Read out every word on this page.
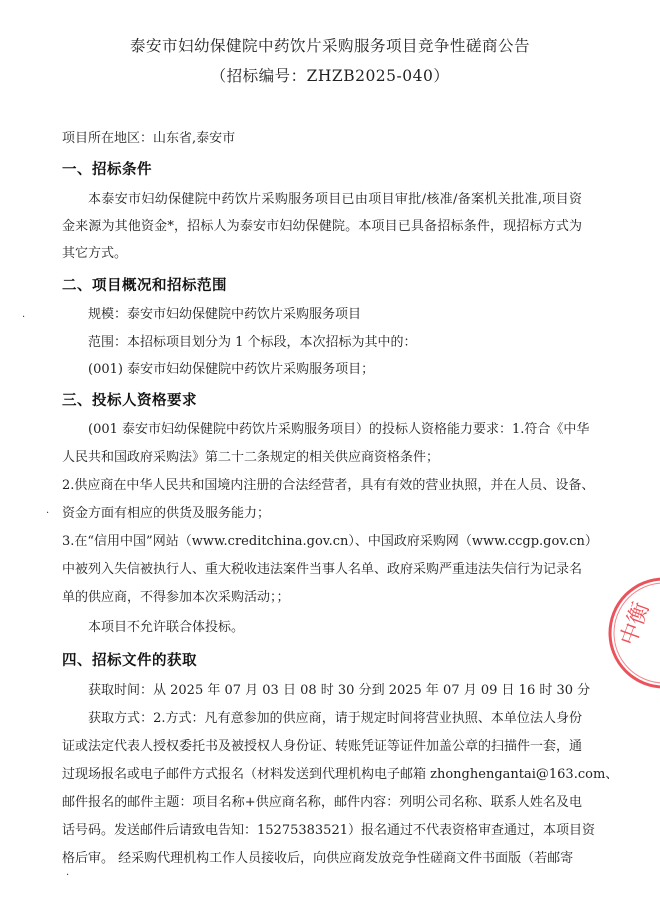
泰安市妇幼保健院中药饮片采购服务项目竞争性磋商公告
（招标编号：ZHZB2025-040）
项目所在地区：山东省,泰安市
一、招标条件
本泰安市妇幼保健院中药饮片采购服务项目已由项目审批/核准/备案机关批准,项目资
金来源为其他资金*，招标人为泰安市妇幼保健院。本项目已具备招标条件，现招标方式为
其它方式。
二、项目概况和招标范围
规模：泰安市妇幼保健院中药饮片采购服务项目
范围：本招标项目划分为 1 个标段，本次招标为其中的：
(001) 泰安市妇幼保健院中药饮片采购服务项目；
三、投标人资格要求
(001 泰安市妇幼保健院中药饮片采购服务项目）的投标人资格能力要求：1.符合《中华
人民共和国政府采购法》第二十二条规定的相关供应商资格条件；
2.供应商在中华人民共和国境内注册的合法经营者，具有有效的营业执照，并在人员、设备、
资金方面有相应的供货及服务能力；
3.在“信用中国”网站（www.creditchina.gov.cn）、中国政府采购网（www.ccgp.gov.cn）
中被列入失信被执行人、重大税收违法案件当事人名单、政府采购严重违法失信行为记录名
单的供应商，不得参加本次采购活动；；
本项目不允许联合体投标。
四、招标文件的获取
获取时间：从 2025 年 07 月 03 日 08 时 30 分到 2025 年 07 月 09 日 16 时 30 分
获取方式：2.方式：凡有意参加的供应商，请于规定时间将营业执照、本单位法人身份
证或法定代表人授权委托书及被授权人身份证、转账凭证等证件加盖公章的扫描件一套，通
过现场报名或电子邮件方式报名（材料发送到代理机构电子邮箱 zhonghengantai@163.com、
邮件报名的邮件主题：项目名称+供应商名称，邮件内容：列明公司名称、联系人姓名及电
话号码。发送邮件后请致电告知：15275383521）报名通过不代表资格审查通过，本项目资
格后审。 经采购代理机构工作人员接收后，向供应商发放竞争性磋商文件书面版（若邮寄
·
·
·
中衡
